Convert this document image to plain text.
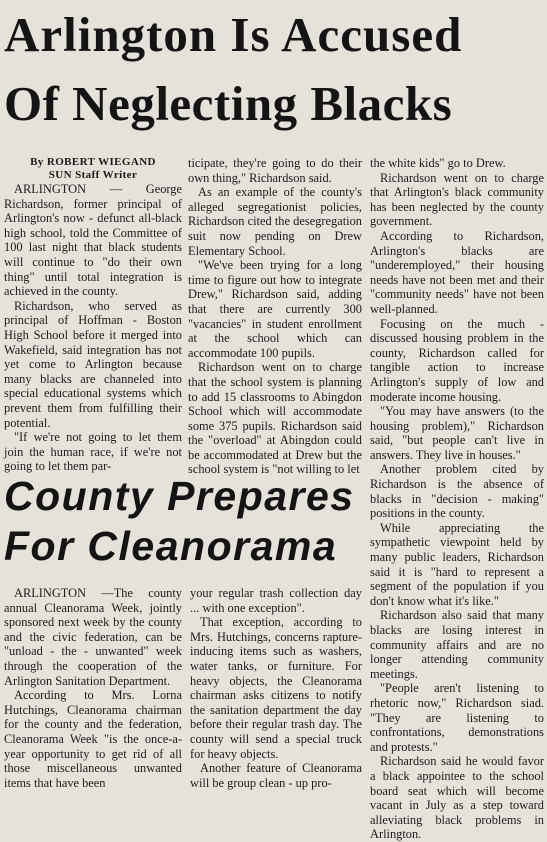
Arlington Is Accused
Of Neglecting Blacks

By ROBERT WIEGAND

SUN Staff Writer

ARLINGTON — George Richardson, former principal of Arlington's now - defunct all-black high school, told the Committee of 100 last night that black students will continue to "do their own thing" until total integration is achieved in the county.

Richardson, who served as principal of Hoffman - Boston High School before it merged into Wakefield, said integration has not yet come to Arlington because many blacks are channeled into special educational systems which prevent them from fulfilling their potential.

"If we're not going to let them join the human race, if we're not going to let them par-

ticipate, they're going to do their own thing," Richardson said.

As an example of the county's alleged segregationist policies, Richardson cited the desegregation suit now pending on Drew Elementary School.

"We've been trying for a long time to figure out how to integrate Drew," Richardson said, adding that there are currently 300 "vacancies" in student enrollment at the school which can accommodate 100 pupils.

Richardson went on to charge that the school system is planning to add 15 classrooms to Abingdon School which will accommodate some 375 pupils. Richardson said the "overload" at Abingdon could be accommodated at Drew but the school system is "not willing to let

the white kids" go to Drew.

Richardson went on to charge that Arlington's black community has been neglected by the county government.

According to Richardson, Arlington's blacks are "underemployed," their housing needs have not been met and their "community needs" have not been well-planned.

Focusing on the much - discussed housing problem in the county, Richardson called for tangible action to increase Arlington's supply of low and moderate income housing.

"You may have answers (to the housing problem)," Richardson said, "but people can't live in answers. They live in houses."

Another problem cited by Richardson is the absence of blacks in "decision - making" positions in the county.

While appreciating the sympathetic viewpoint held by many public leaders, Richardson said it is "hard to represent a segment of the population if you don't know what it's like."

Richardson also said that many blacks are losing interest in community affairs and are no longer attending community meetings.

"People aren't listening to rhetoric now," Richardson siad. "They are listening to confrontations, demonstrations and protests."

Richardson said he would favor a black appointee to the school board seat which will become vacant in July as a step toward alleviating black problems in Arlington.

County Prepares
For Cleanorama

ARLINGTON —The county annual Cleanorama Week, jointly sponsored next week by the county and the civic federation, can be "unload - the - unwanted" week through the cooperation of the Arlington Sanitation Department.

According to Mrs. Lorna Hutchings, Cleanorama chairman for the county and the federation, Cleanorama Week "is the once-a-year opportunity to get rid of all those miscellaneous unwanted items that have been

your regular trash collection day ... with one exception".

That exception, according to Mrs. Hutchings, concerns rapture-inducing items such as washers, water tanks, or furniture. For heavy objects, the Cleanorama chairman asks citizens to notify the sanitation department the day before their regular trash day. The county will send a special truck for heavy objects.

Another feature of Cleanorama will be group clean - up pro-
